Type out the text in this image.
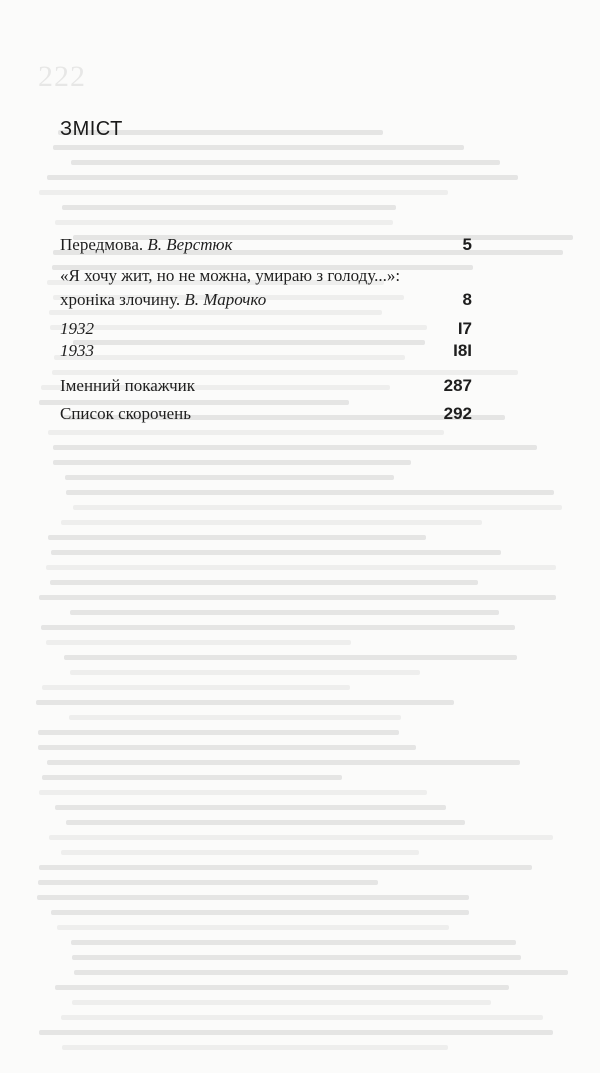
222
ЗМІСТ
Передмова. В. Верстюк	5
«Я хочу жит, но не можна, умираю з голоду...»:
хроніка злочину. В. Марочко	8
1932	I7
1933	I8I
Іменний покажчик	287
Список скорочень	292
